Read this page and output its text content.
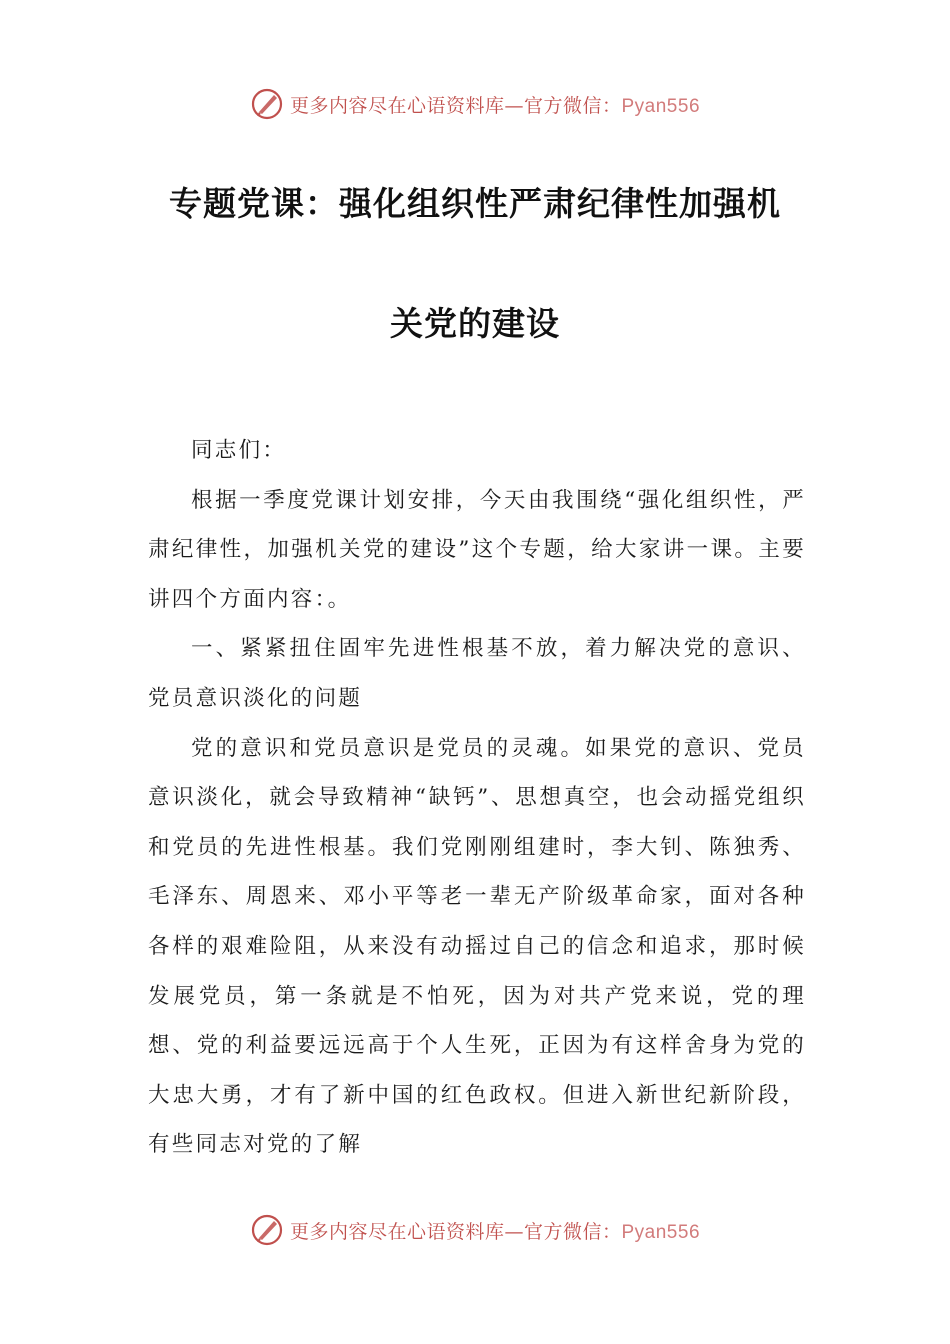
更多内容尽在心语资料库—官方微信：Pyan556
专题党课：强化组织性严肃纪律性加强机
关党的建设

同志们：

根据一季度党课计划安排，今天由我围绕“强化组织性，严肃纪律性，加强机关党的建设”这个专题，给大家讲一课。主要讲四个方面内容：。

一、紧紧扭住固牢先进性根基不放，着力解决党的意识、党员意识淡化的问题

党的意识和党员意识是党员的灵魂。如果党的意识、党员意识淡化，就会导致精神“缺钙”、思想真空，也会动摇党组织和党员的先进性根基。我们党刚刚组建时，李大钊、陈独秀、毛泽东、周恩来、邓小平等老一辈无产阶级革命家，面对各种各样的艰难险阻，从来没有动摇过自己的信念和追求，那时候发展党员，第一条就是不怕死，因为对共产党来说，党的理想、党的利益要远远高于个人生死，正因为有这样舍身为党的大忠大勇，才有了新中国的红色政权。但进入新世纪新阶段，有些同志对党的了解

更多内容尽在心语资料库—官方微信：Pyan556
